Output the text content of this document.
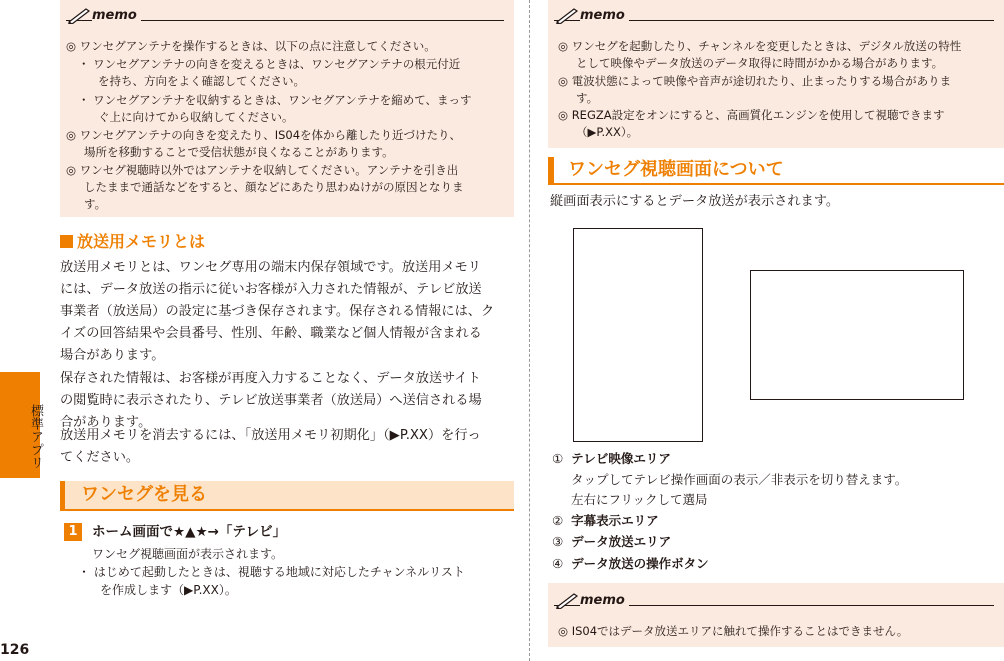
標準アプリ
126
memo
◎ ワンセグアンテナを操作するときは、以下の点に注意してください。
・ ワンセグアンテナの向きを変えるときは、ワンセグアンテナの根元付近
を持ち、方向をよく確認してください。
・ ワンセグアンテナを収納するときは、ワンセグアンテナを縮めて、まっす
ぐ上に向けてから収納してください。
◎ ワンセグアンテナの向きを変えたり、IS04を体から離したり近づけたり、
場所を移動することで受信状態が良くなることがあります。
◎ ワンセグ視聴時以外ではアンテナを収納してください。アンテナを引き出
したままで通話などをすると、顔などにあたり思わぬけがの原因となりま
す。
放送用メモリとは
放送用メモリとは、ワンセグ専用の端末内保存領域です。放送用メモリ
には、データ放送の指示に従いお客様が入力された情報が、テレビ放送
事業者（放送局）の設定に基づき保存されます。保存される情報には、ク
イズの回答結果や会員番号、性別、年齢、職業など個人情報が含まれる
場合があります。
保存された情報は、お客様が再度入力することなく、データ放送サイト
の閲覧時に表示されたり、テレビ放送事業者（放送局）へ送信される場
合があります。
放送用メモリを消去するには、「放送用メモリ初期化」（▶P.XX）を行っ
てください。
ワンセグを見る
1	ホーム画面で★▲★→「テレビ」
ワンセグ視聴画面が表示されます。
・ はじめて起動したときは、視聴する地域に対応したチャンネルリスト
を作成します（▶P.XX）。
memo
◎ ワンセグを起動したり、チャンネルを変更したときは、デジタル放送の特性
として映像やデータ放送のデータ取得に時間がかかる場合があります。
◎ 電波状態によって映像や音声が途切れたり、止まったりする場合がありま
す。
◎ REGZA設定をオンにすると、高画質化エンジンを使用して視聴できます
（▶P.XX）。
ワンセグ視聴画面について
縦画面表示にするとデータ放送が表示されます。
① テレビ映像エリア
タップしてテレビ操作画面の表示／非表示を切り替えます。
左右にフリックして選局
② 字幕表示エリア
③ データ放送エリア
④ データ放送の操作ボタン
memo
◎ IS04ではデータ放送エリアに触れて操作することはできません。
